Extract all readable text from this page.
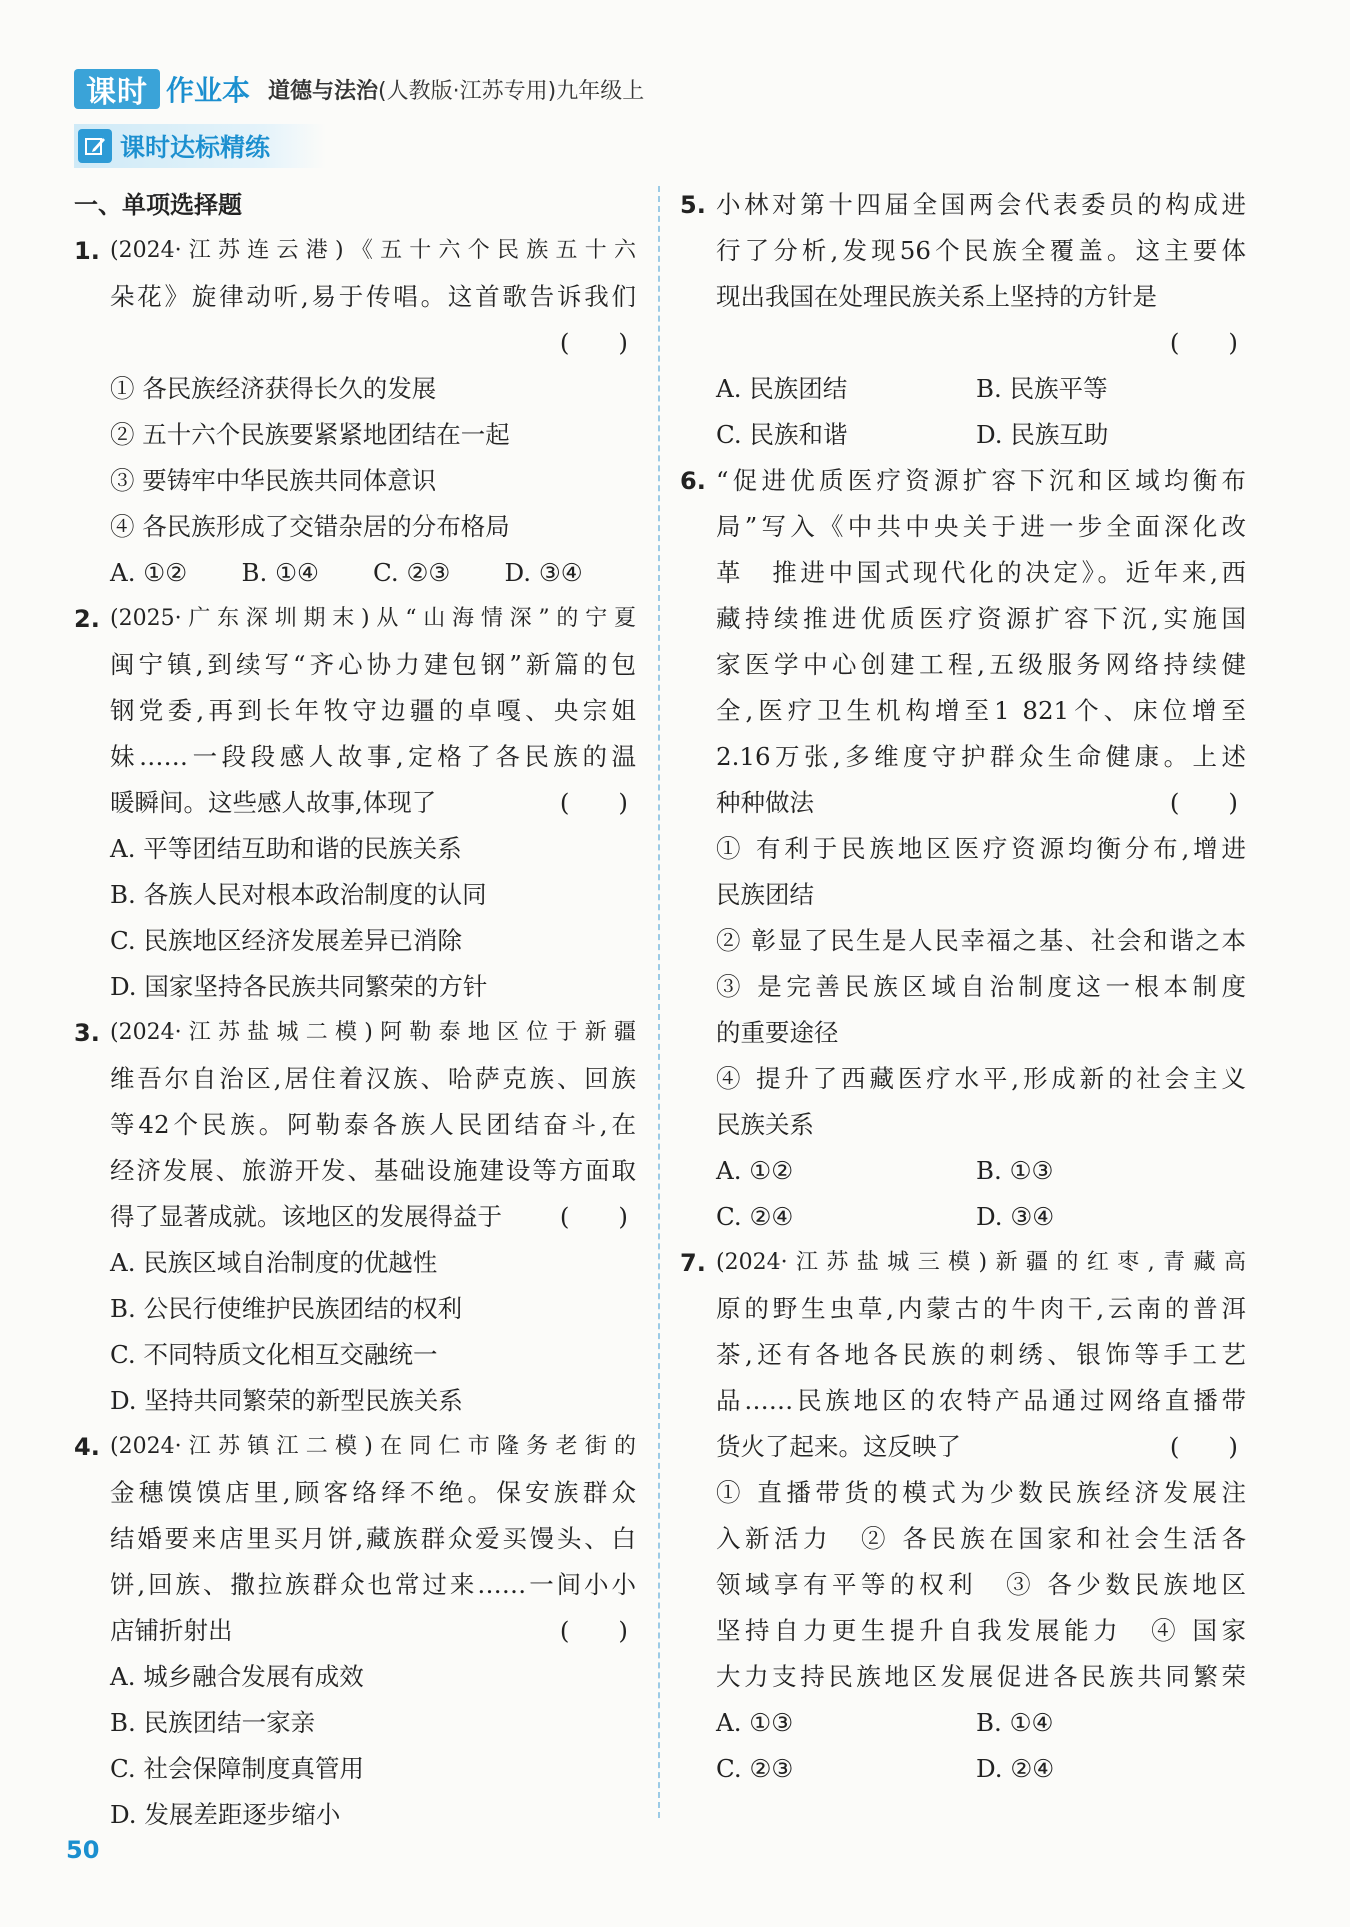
课时 作业本 道德与法治(人教版·江苏专用)九年级上
课时达标精练
一、单项选择题
1. (2024·江苏连云港)《五十六个民族五十六
朵花》旋律动听,易于传唱。这首歌告诉我们
(　　)
① 各民族经济获得长久的发展
② 五十六个民族要紧紧地团结在一起
③ 要铸牢中华民族共同体意识
④ 各民族形成了交错杂居的分布格局
A. ①②	B. ①④	C. ②③	D. ③④
2. (2025·广东深圳期末)从“山海情深”的宁夏
闽宁镇,到续写“齐心协力建包钢”新篇的包
钢党委,再到长年牧守边疆的卓嘎、央宗姐
妹……一段段感人故事,定格了各民族的温
暖瞬间。这些感人故事,体现了	(　　)
A. 平等团结互助和谐的民族关系
B. 各族人民对根本政治制度的认同
C. 民族地区经济发展差异已消除
D. 国家坚持各民族共同繁荣的方针
3. (2024·江苏盐城二模)阿勒泰地区位于新疆
维吾尔自治区,居住着汉族、哈萨克族、回族
等42个民族。阿勒泰各族人民团结奋斗,在
经济发展、旅游开发、基础设施建设等方面取
得了显著成就。该地区的发展得益于 (　　)
A. 民族区域自治制度的优越性
B. 公民行使维护民族团结的权利
C. 不同特质文化相互交融统一
D. 坚持共同繁荣的新型民族关系
4. (2024·江苏镇江二模)在同仁市隆务老街的
金穗馍馍店里,顾客络绎不绝。保安族群众
结婚要来店里买月饼,藏族群众爱买馒头、白
饼,回族、撒拉族群众也常过来……一间小小
店铺折射出	(　　)
A. 城乡融合发展有成效
B. 民族团结一家亲
C. 社会保障制度真管用
D. 发展差距逐步缩小
5. 小林对第十四届全国两会代表委员的构成进
行了分析,发现56个民族全覆盖。这主要体
现出我国在处理民族关系上坚持的方针是
(　　)
A. 民族团结	B. 民族平等
C. 民族和谐	D. 民族互助
6. “促进优质医疗资源扩容下沉和区域均衡布
局”写入《中共中央关于进一步全面深化改
革　推进中国式现代化的决定》。近年来,西
藏持续推进优质医疗资源扩容下沉,实施国
家医学中心创建工程,五级服务网络持续健
全,医疗卫生机构增至1 821个、床位增至
2.16万张,多维度守护群众生命健康。上述
种种做法	(　　)
① 有利于民族地区医疗资源均衡分布,增进
民族团结
② 彰显了民生是人民幸福之基、社会和谐之本
③ 是完善民族区域自治制度这一根本制度
的重要途径
④ 提升了西藏医疗水平,形成新的社会主义
民族关系
A. ①②	B. ①③
C. ②④	D. ③④
7. (2024·江苏盐城三模)新疆的红枣,青藏高
原的野生虫草,内蒙古的牛肉干,云南的普洱
茶,还有各地各民族的刺绣、银饰等手工艺
品……民族地区的农特产品通过网络直播带
货火了起来。这反映了	(　　)
① 直播带货的模式为少数民族经济发展注
入新活力　② 各民族在国家和社会生活各
领域享有平等的权利　③ 各少数民族地区
坚持自力更生提升自我发展能力　④ 国家
大力支持民族地区发展促进各民族共同繁荣
A. ①③	B. ①④
C. ②③	D. ②④
50
